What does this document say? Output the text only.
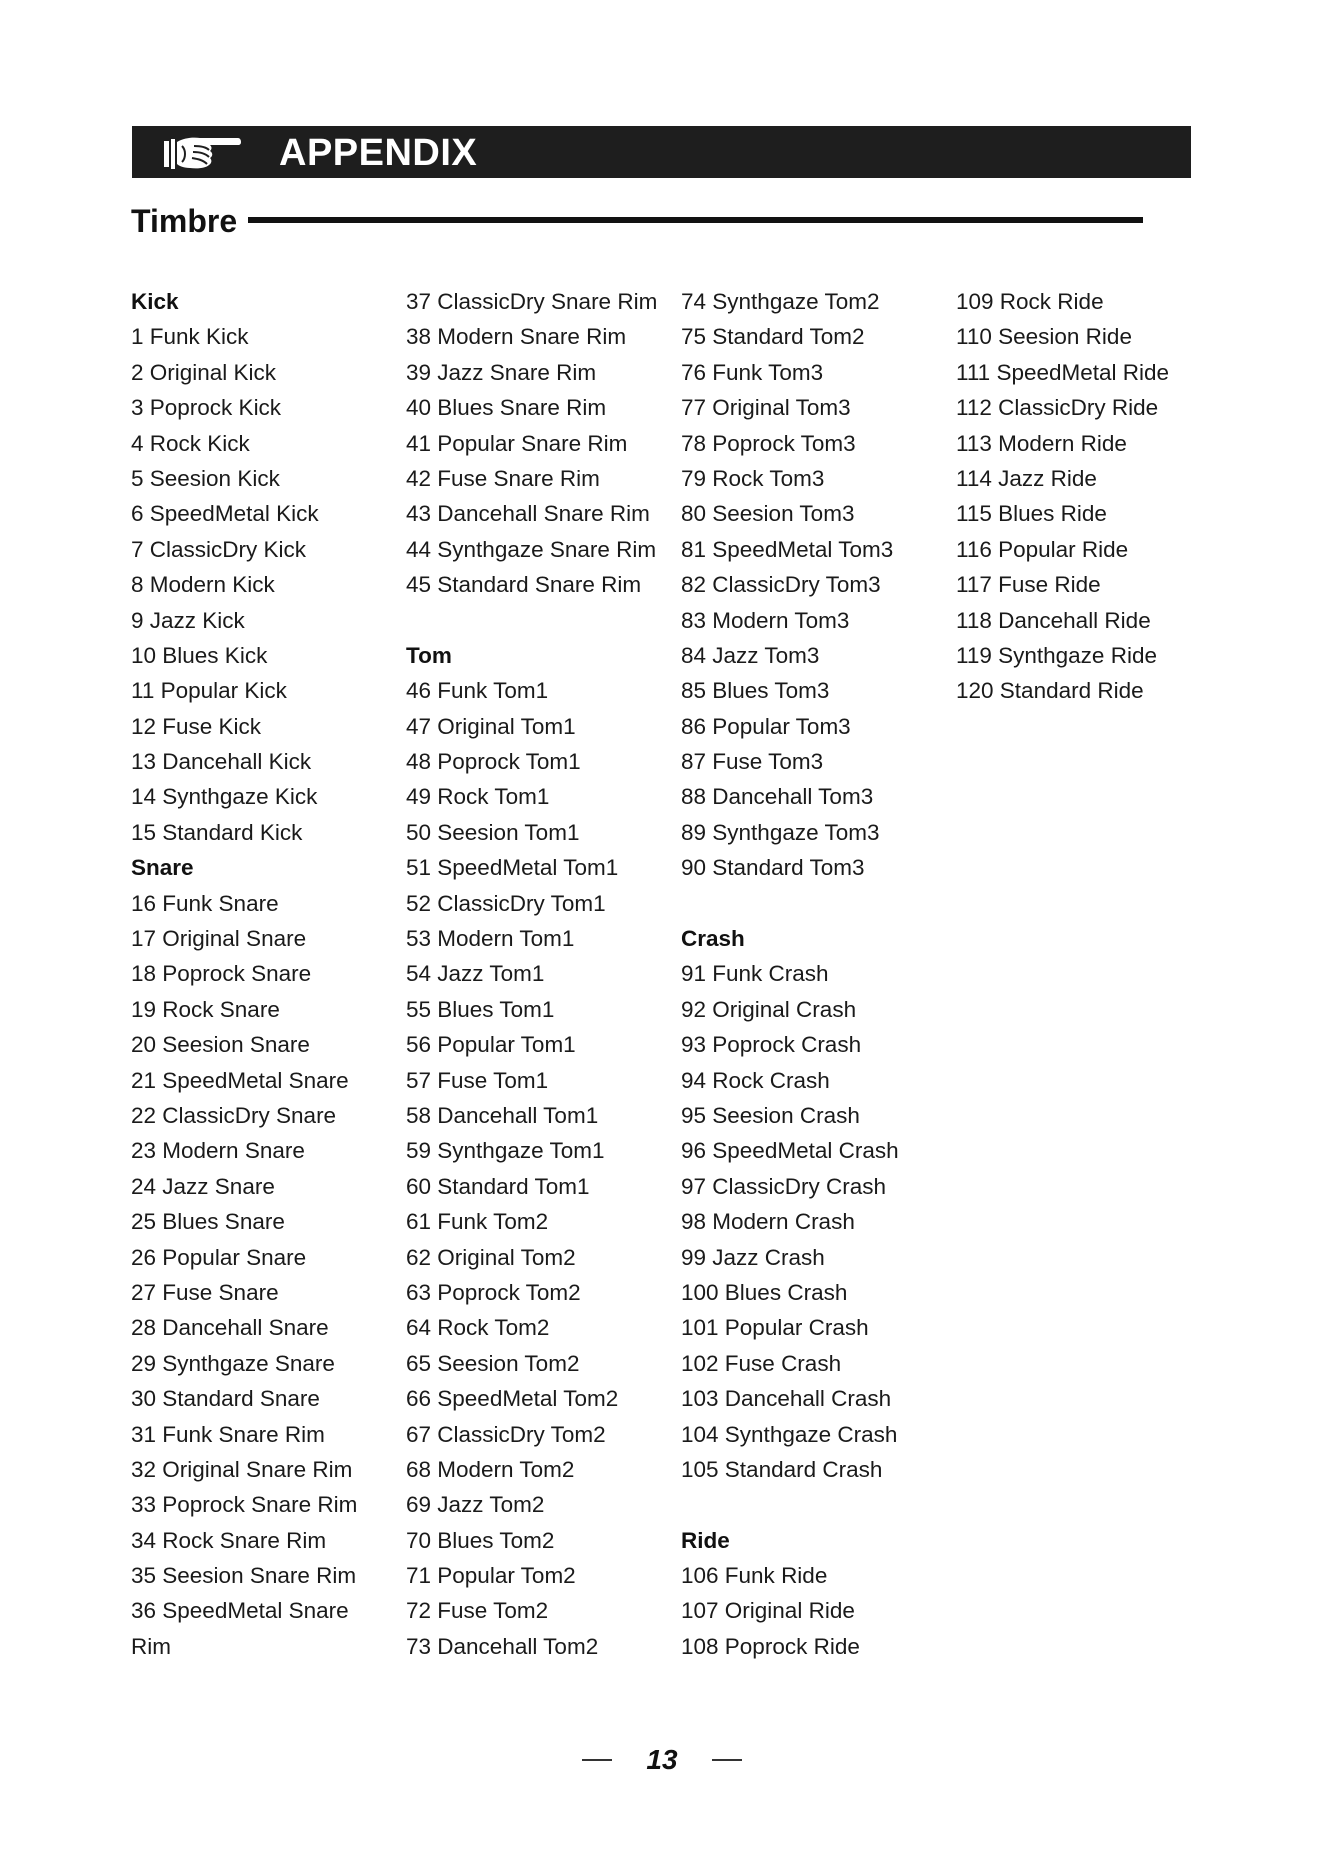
APPENDIX
Timbre
Kick
1 Funk Kick
2 Original Kick
3 Poprock Kick
4 Rock Kick
5 Seesion Kick
6 SpeedMetal Kick
7 ClassicDry Kick
8 Modern Kick
9 Jazz Kick
10 Blues Kick
11 Popular Kick
12 Fuse Kick
13 Dancehall Kick
14 Synthgaze Kick
15 Standard Kick
Snare
16 Funk Snare
17 Original Snare
18 Poprock Snare
19 Rock Snare
20 Seesion Snare
21 SpeedMetal Snare
22 ClassicDry Snare
23 Modern Snare
24 Jazz Snare
25 Blues Snare
26 Popular Snare
27 Fuse Snare
28 Dancehall Snare
29 Synthgaze Snare
30 Standard Snare
31 Funk Snare Rim
32 Original Snare Rim
33 Poprock Snare Rim
34 Rock Snare Rim
35 Seesion Snare Rim
36 SpeedMetal Snare
Rim
37 ClassicDry Snare Rim
38 Modern Snare Rim
39 Jazz Snare Rim
40 Blues Snare Rim
41 Popular Snare Rim
42 Fuse Snare Rim
43 Dancehall Snare Rim
44 Synthgaze Snare Rim
45 Standard Snare Rim
Tom
46 Funk Tom1
47 Original Tom1
48 Poprock Tom1
49 Rock Tom1
50 Seesion Tom1
51 SpeedMetal Tom1
52 ClassicDry Tom1
53 Modern Tom1
54 Jazz Tom1
55 Blues Tom1
56 Popular Tom1
57 Fuse Tom1
58 Dancehall Tom1
59 Synthgaze Tom1
60 Standard Tom1
61 Funk Tom2
62 Original Tom2
63 Poprock Tom2
64 Rock Tom2
65 Seesion Tom2
66 SpeedMetal Tom2
67 ClassicDry Tom2
68 Modern Tom2
69 Jazz Tom2
70 Blues Tom2
71 Popular Tom2
72 Fuse Tom2
73 Dancehall Tom2
74 Synthgaze Tom2
75 Standard Tom2
76 Funk Tom3
77 Original Tom3
78 Poprock Tom3
79 Rock Tom3
80 Seesion Tom3
81 SpeedMetal Tom3
82 ClassicDry Tom3
83 Modern Tom3
84 Jazz Tom3
85 Blues Tom3
86 Popular Tom3
87 Fuse Tom3
88 Dancehall Tom3
89 Synthgaze Tom3
90 Standard Tom3
Crash
91 Funk Crash
92 Original Crash
93 Poprock Crash
94 Rock Crash
95 Seesion Crash
96 SpeedMetal Crash
97 ClassicDry Crash
98 Modern Crash
99 Jazz Crash
100 Blues Crash
101 Popular Crash
102 Fuse Crash
103 Dancehall Crash
104 Synthgaze Crash
105 Standard Crash
Ride
106 Funk Ride
107 Original Ride
108 Poprock Ride
109 Rock Ride
110 Seesion Ride
111 SpeedMetal Ride
112 ClassicDry Ride
113 Modern Ride
114 Jazz Ride
115 Blues Ride
116 Popular Ride
117 Fuse Ride
118 Dancehall Ride
119 Synthgaze Ride
120 Standard Ride
13
